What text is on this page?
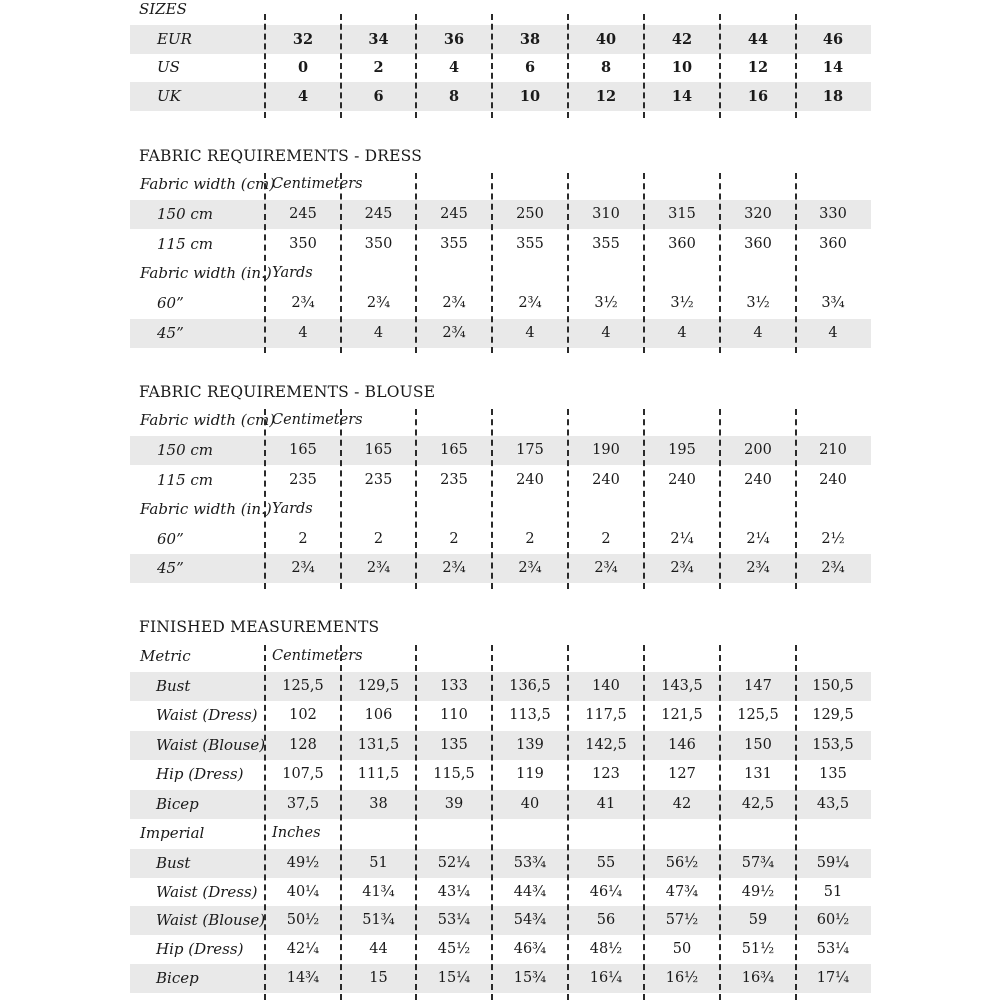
SIZES
EUR	32	34	36	38	40	42	44	46
US	0	2	4	6	8	10	12	14
UK	4	6	8	10	12	14	16	18
FABRIC REQUIREMENTS - DRESS
Fabric width (cm)
Centimeters
150 cm	245	245	245	250	310	315	320	330
115 cm	350	350	355	355	355	360	360	360
Fabric width (in.) Yards
60”	2¾	2¾	2¾	2¾	3½	3½	3½	3¾
45”	4	4	2¾	4	4	4	4	4
FABRIC REQUIREMENTS - BLOUSE
Fabric width (cm)
Centimeters
150 cm	165	165	165	175	190	195	200	210
115 cm	235	235	235	240	240	240	240	240
Fabric width (in.) Yards
60”	2	2	2	2	2	2¼	2¼	2½
45”	2¾	2¾	2¾	2¾	2¾	2¾	2¾	2¾
FINISHED MEASUREMENTS
Metric	Centimeters
Bust	125,5	129,5	133	136,5	140	143,5	147	150,5
Waist (Dress)	102	106	110	113,5	117,5	121,5	125,5	129,5
Waist (Blouse)	128	131,5	135	139	142,5	146	150	153,5
Hip (Dress)	107,5	111,5	115,5	119	123	127	131	135
Bicep	37,5	38	39	40	41	42	42,5	43,5
Imperial	Inches
Bust	49½	51	52¼	53¾	55	56½	57¾	59¼
Waist (Dress)	40¼	41¾	43¼	44¾	46¼	47¾	49½	51
Waist (Blouse)	50½	51¾	53¼	54¾	56	57½	59	60½
Hip (Dress)	42¼	44	45½	46¾	48½	50	51½	53¼
Bicep	14¾	15	15¼	15¾	16¼	16½	16¾	17¼
